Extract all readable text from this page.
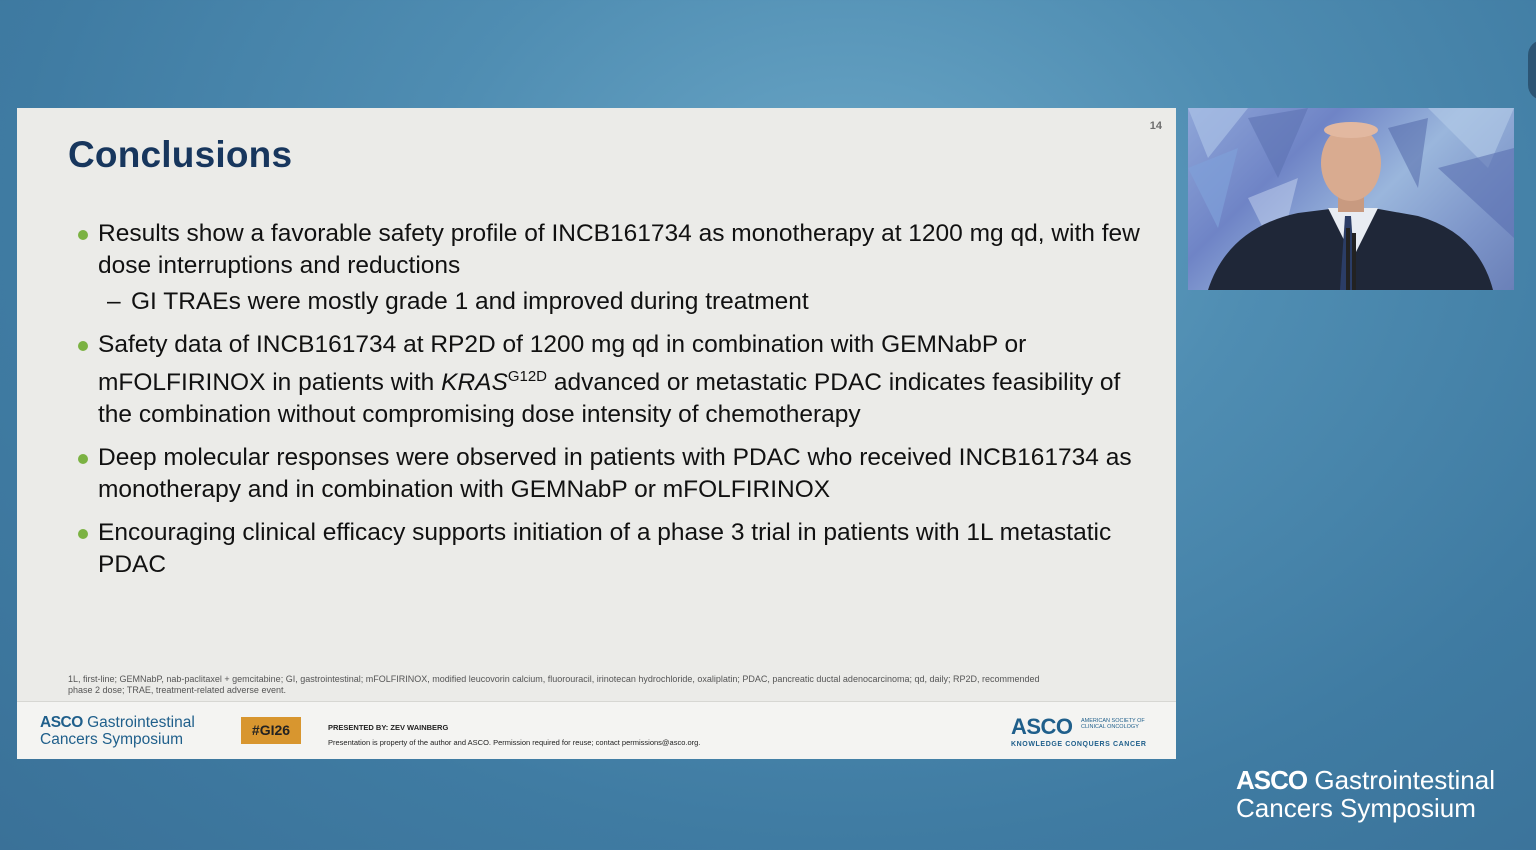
14
Conclusions
Results show a favorable safety profile of INCB161734 as monotherapy at 1200 mg qd, with few dose interruptions and reductions
– GI TRAEs were mostly grade 1 and improved during treatment
Safety data of INCB161734 at RP2D of 1200 mg qd in combination with GEMNabP or mFOLFIRINOX in patients with $KRAS^{G12D}$ advanced or metastatic PDAC indicates feasibility of the combination without compromising dose intensity of chemotherapy
Deep molecular responses were observed in patients with PDAC who received INCB161734 as monotherapy and in combination with GEMNabP or mFOLFIRINOX
Encouraging clinical efficacy supports initiation of a phase 3 trial in patients with 1L metastatic PDAC
1L, first-line; GEMNabP, nab-paclitaxel + gemcitabine; GI, gastrointestinal; mFOLFIRINOX, modified leucovorin calcium, fluorouracil, irinotecan hydrochloride, oxaliplatin; PDAC, pancreatic ductal adenocarcinoma; qd, daily; RP2D, recommended phase 2 dose; TRAE, treatment-related adverse event.
ASCO Gastrointestinal
Cancers Symposium
#GI26	PRESENTED BY: ZEV WAINBERG
Presentation is property of the author and ASCO. Permission required for reuse; contact permissions@asco.org.
ASCO AMERICAN SOCIETY OF CLINICAL ONCOLOGY
KNOWLEDGE CONQUERS CANCER
ASCO Gastrointestinal
Cancers Symposium
